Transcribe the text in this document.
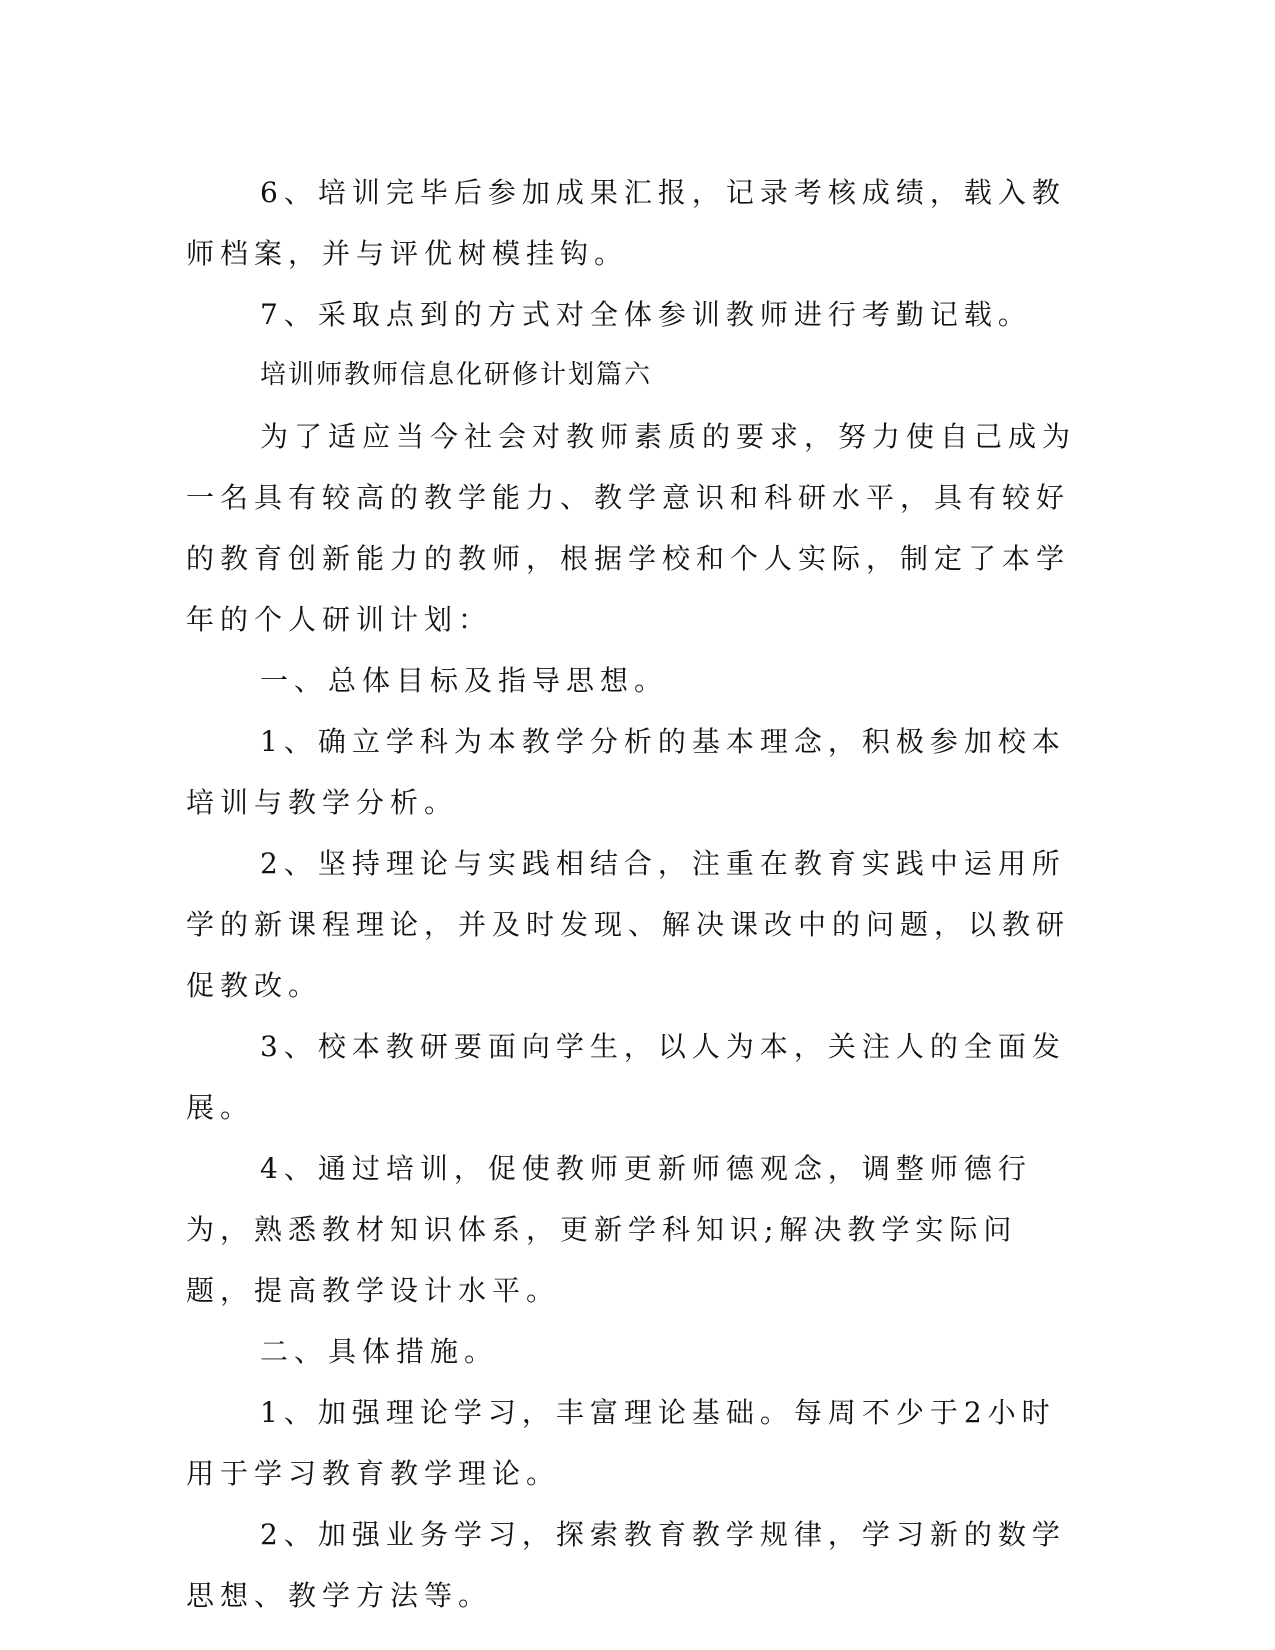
6、培训完毕后参加成果汇报，记录考核成绩，载入教师档案，并与评优树模挂钩。

7、采取点到的方式对全体参训教师进行考勤记载。

培训师教师信息化研修计划篇六

为了适应当今社会对教师素质的要求，努力使自己成为一名具有较高的教学能力、教学意识和科研水平，具有较好的教育创新能力的教师，根据学校和个人实际，制定了本学年的个人研训计划：

一、总体目标及指导思想。

1、确立学科为本教学分析的基本理念，积极参加校本培训与教学分析。

2、坚持理论与实践相结合，注重在教育实践中运用所学的新课程理论，并及时发现、解决课改中的问题，以教研促教改。

3、校本教研要面向学生，以人为本，关注人的全面发展。

4、通过培训，促使教师更新师德观念，调整师德行为，熟悉教材知识体系，更新学科知识;解决教学实际问题，提高教学设计水平。

二、具体措施。

1、加强理论学习，丰富理论基础。每周不少于2小时用于学习教育教学理论。

2、加强业务学习，探索教育教学规律，学习新的数学思想、教学方法等。
